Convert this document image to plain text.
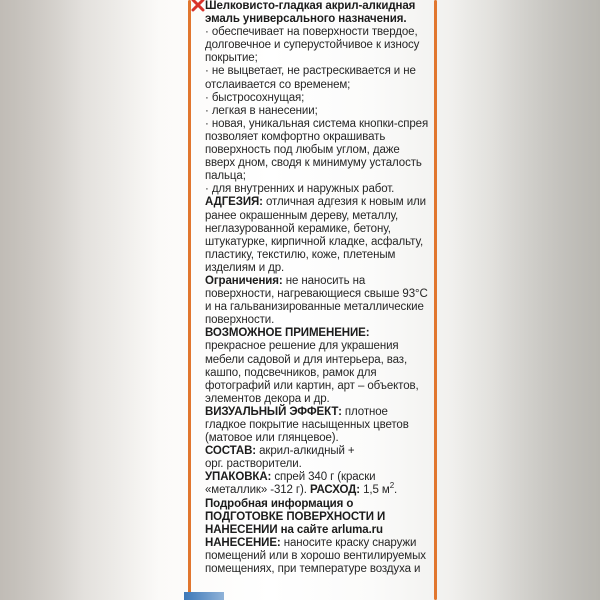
Шелковисто-гладкая акрил-алкидная
эмаль универсального назначения.

· обеспечивает на поверхности твердое,
долговечное и суперустойчивое к износу
покрытие;
· не выцветает, не растрескивается и не
отслаивается со временем;
· быстросохнущая;
· легкая в нанесении;
· новая, уникальная система кнопки-спрея
позволяет комфортно окрашивать
поверхность под любым углом, даже
вверх дном, сводя к минимуму усталость
пальца;
· для внутренних и наружных работ.

АДГЕЗИЯ: отличная адгезия к новым или
ранее окрашенным дереву, металлу,
неглазурованной керамике, бетону,
штукатурке, кирпичной кладке, асфальту,
пластику, текстилю, коже, плетеным
изделиям и др.

Ограничения: не наносить на
поверхности, нагревающиеся свыше 93°С
и на гальванизированные металлические
поверхности.

ВОЗМОЖНОЕ ПРИМЕНЕНИЕ:
прекрасное решение для украшения
мебели садовой и для интерьера, ваз,
кашпо, подсвечников, рамок для
фотографий или картин, арт – объектов,
элементов декора и др.

ВИЗУАЛЬНЫЙ ЭФФЕКТ: плотное
гладкое покрытие насыщенных цветов
(матовое или глянцевое).

СОСТАВ: акрил-алкидный +
орг. растворители.

УПАКОВКА: спрей 340 г (краски
«металлик» -312 г). РАСХОД: 1,5 $м^2$.

Подробная информация о
ПОДГОТОВКЕ ПОВЕРХНОСТИ И
НАНЕСЕНИИ на сайте arluma.ru

НАНЕСЕНИЕ: наносите краску снаружи
помещений или в хорошо вентилируемых
помещениях, при температуре воздуха и
